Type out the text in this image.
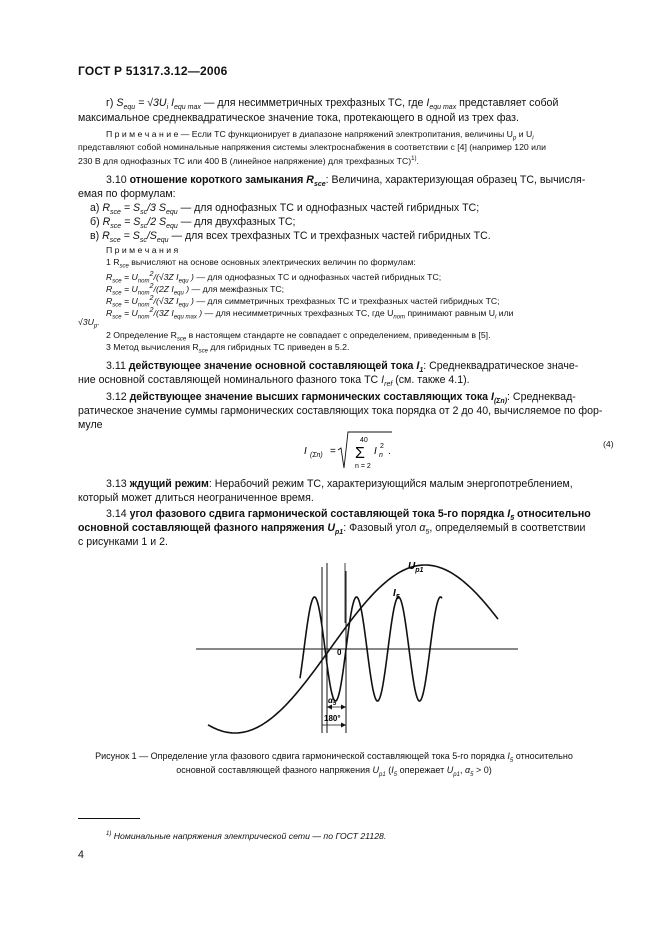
ГОСТ Р 51317.3.12—2006
г) $S_{equ} = √3U_i$ $I_{equ max}$ — для несимметричных трехфазных ТС, где $I_{equ max}$ представляет собой
максимальное среднеквадратическое значение тока, протекающего в одной из трех фаз.
П р и м е ч а н и е — Если ТС функционирует в диапазоне напряжений электропитания, величины $U_p$ и $U_i$
представляют собой номинальные напряжения системы электроснабжения в соответствии с [4] (например 120 или
230 В для однофазных ТС или 400 В (линейное напряжение) для трехфазных ТС)$^{1)}$.
3.10 отношение короткого замыкания $R_{sce}$: Величина, характеризующая образец ТС, вычисля-
емая по формулам:
а) $R_{sce} = S_{sc}/3$ $S_{equ}$ — для однофазных ТС и однофазных частей гибридных ТС;
б) $R_{sce} = S_{sc}/2$ $S_{equ}$ — для двухфазных ТС;
в) $R_{sce} = S_{sc}/S_{equ}$ — для всех трехфазных ТС и трехфазных частей гибридных ТС.
П р и м е ч а н и я
1 $R_{sce}$ вычисляют на основе основных электрических величин по формулам:
$R_{sce} = U_{nom}^2/(√3Z$ $I_{equ}$ ) — для однофазных ТС и однофазных частей гибридных ТС;
$R_{sce} = U_{nom}^2/(2Z$ $I_{equ}$ ) — для межфазных ТС;
$R_{sce} = U_{nom}^2/(√3Z$ $I_{equ}$ ) — для симметричных трехфазных ТС и трехфазных частей гибридных ТС;
$R_{sce} = U_{nom}^2/(3Z$ $I_{equ max}$ ) — для несимметричных трехфазных ТС, где $U_{nom}$ принимают равным $U_i$ или
$√3U_p$.
2 Определение $R_{sce}$ в настоящем стандарте не совпадает с определением, приведенным в [5].
3 Метод вычисления $R_{sce}$ для гибридных ТС приведен в 5.2.
3.11 действующее значение основной составляющей тока $I_1$: Среднеквадратическое значе-
ние основной составляющей номинального фазного тока ТС $I_{ref}$ (см. также 4.1).
3.12 действующее значение высших гармонических составляющих тока $I_{(\Sigma n)}$: Среднеквад-
ратическое значение суммы гармонических составляющих тока порядка от 2 до 40, вычисляемое по фор-
муле
I (Σn) =
40
Σ
n = 2
I n
2 .
(4)
3.13 ждущий режим: Нерабочий режим ТС, характеризующийся малым энергопотреблением,
который может длиться неограниченное время.
3.14 угол фазового сдвига гармонической составляющей тока 5-го порядка $I_5$ относительно
основной составляющей фазного напряжения $U_{p1}$: Фазовый угол $\alpha_5$, определяемый в соответствии
с рисунками 1 и 2.
$U_{p1}$
$I_5$
0
$\alpha_5$
180°
Рисунок 1 — Определение угла фазового сдвига гармонической составляющей тока 5-го порядка $I_5$ относительно
основной составляющей фазного напряжения $U_{p1}$ ($I_5$ опережает $U_{p1}$, $\alpha_5 > 0$)
$^{1)}$ Номинальные напряжения электрической сети — по ГОСТ 21128.
4
